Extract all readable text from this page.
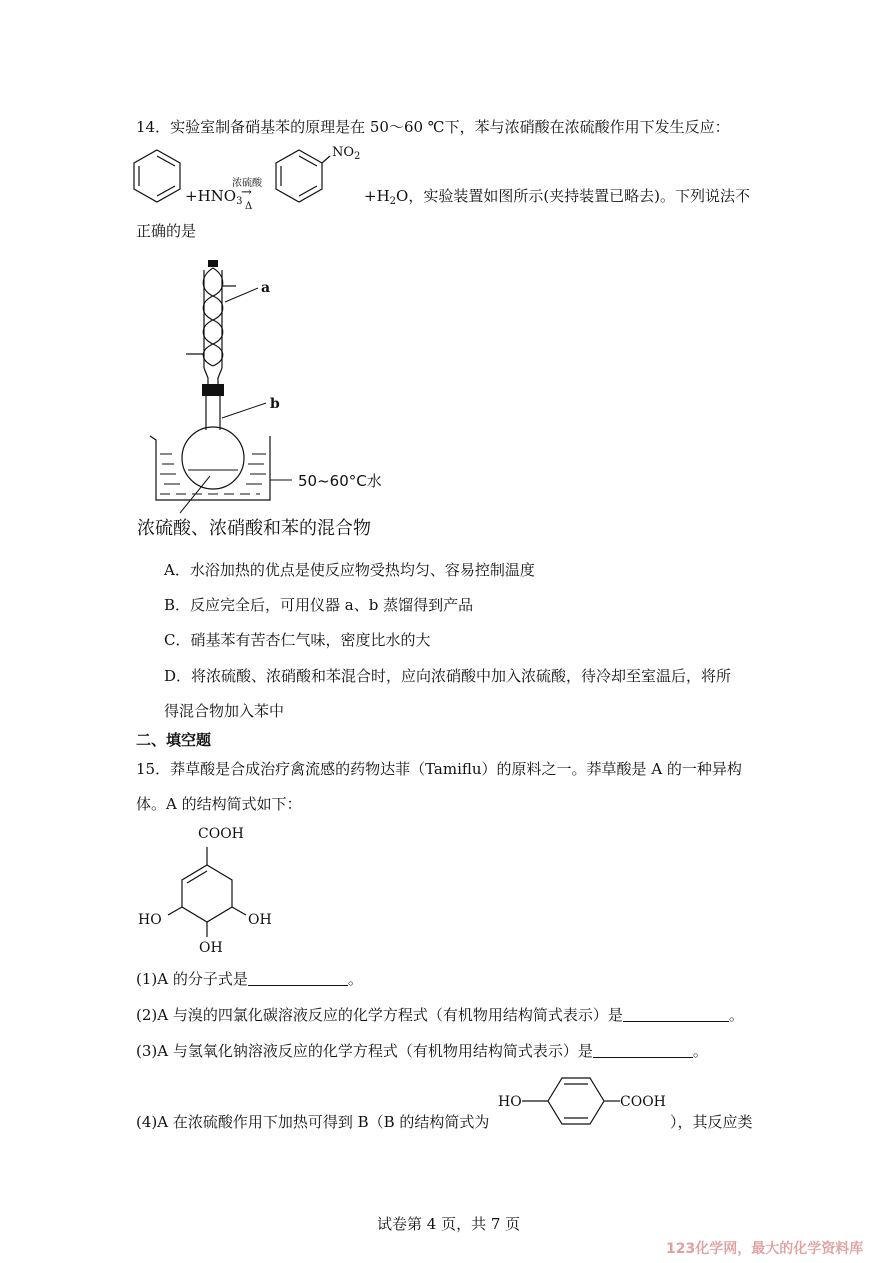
14．实验室制备硝基苯的原理是在 50～60 ℃下，苯与浓硝酸在浓硫酸作用下发生反应：
$+HNO_3$
浓硫酸
→
Δ
$NO_2$
$+H_2O$，实验装置如图所示(夹持装置已略去)。下列说法不
正确的是
a
b
50~60°C水
浓硫酸、浓硝酸和苯的混合物
A．水浴加热的优点是使反应物受热均匀、容易控制温度
B．反应完全后，可用仪器 a、b 蒸馏得到产品
C．硝基苯有苦杏仁气味，密度比水的大
D．将浓硫酸、浓硝酸和苯混合时，应向浓硝酸中加入浓硫酸，待冷却至室温后，将所
得混合物加入苯中
二、填空题
15．莽草酸是合成治疗禽流感的药物达菲（Tamiflu）的原料之一。莽草酸是 A 的一种异构
体。A 的结构简式如下：
COOH
HO	OH
OH
(1)A 的分子式是	。
(2)A 与溴的四氯化碳溶液反应的化学方程式（有机物用结构简式表示）是	。
(3)A 与氢氧化钠溶液反应的化学方程式（有机物用结构简式表示）是	。
(4)A 在浓硫酸作用下加热可得到 B（B 的结构简式为
HO	COOH
），其反应类
试卷第 4 页，共 7 页
123化学网，最大的化学资料库
